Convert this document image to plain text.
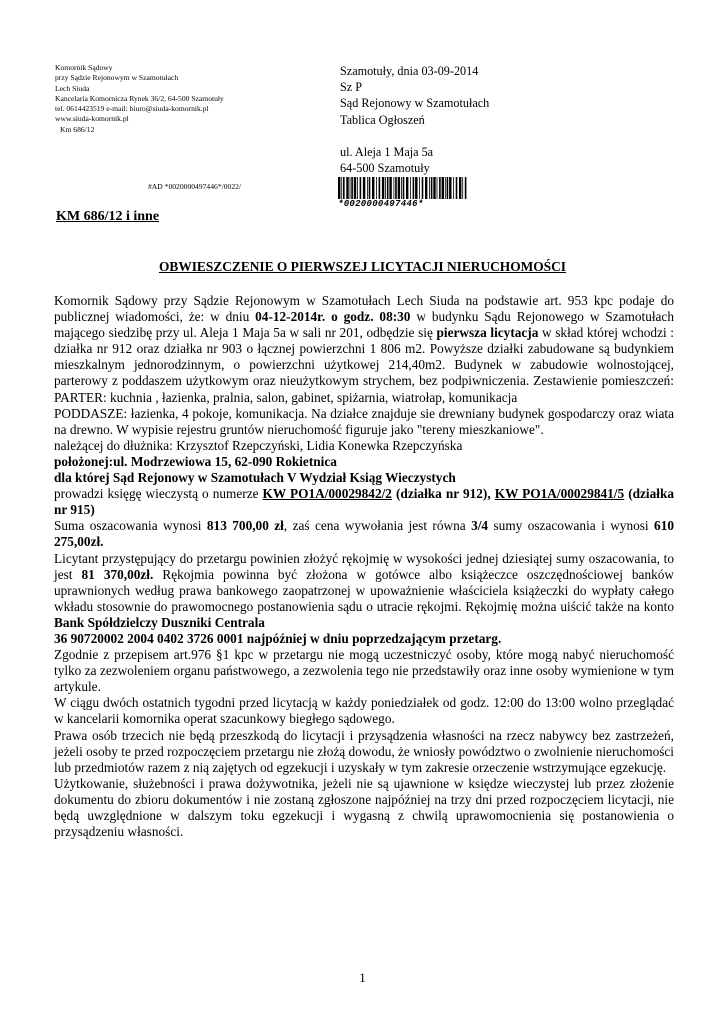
Komornik Sądowy
przy Sądzie Rejonowym w Szamotułach
Lech Siuda
Kancelaria Komornicza Rynek 36/2, 64-500 Szamotuły
tel. 0614423519 e-mail: biuro@siuda-komornik.pl
www.siuda-komornik.pl
Km 686/12
Szamotuły, dnia 03-09-2014
Sz P
Sąd Rejonowy w Szamotułach
Tablica Ogłoszeń
ul. Aleja 1 Maja 5a
64-500 Szamotuły
#AD *0020000497446*/0022/
*0020000497446*
KM 686/12 i inne
OBWIESZCZENIE O PIERWSZEJ LICYTACJI NIERUCHOMOŚCI

Komornik Sądowy przy Sądzie Rejonowym w Szamotułach Lech Siuda na podstawie art. 953 kpc podaje do publicznej wiadomości, że: w dniu 04-12-2014r. o godz. 08:30 w budynku Sądu Rejonowego w Szamotułach mającego siedzibę przy ul. Aleja 1 Maja 5a w sali nr 201, odbędzie się pierwsza licytacja w skład której wchodzi : działka nr 912 oraz działka nr 903 o łącznej powierzchni 1 806 m2. Powyższe działki zabudowane są budynkiem mieszkalnym jednorodzinnym, o powierzchni użytkowej 214,40m2. Budynek w zabudowie wolnostojącej, parterowy z poddaszem użytkowym oraz nieużytkowym strychem, bez podpiwniczenia. Zestawienie pomieszczeń: PARTER: kuchnia , łazienka, pralnia, salon, gabinet, spiżarnia, wiatrołap, komunikacja

PODDASZE: łazienka, 4 pokoje, komunikacja. Na działce znajduje sie drewniany budynek gospodarczy oraz wiata na drewno. W wypisie rejestru gruntów nieruchomość figuruje jako "tereny mieszkaniowe".

należącej do dłużnika: Krzysztof Rzepczyński, Lidia Konewka Rzepczyńska

położonej:ul. Modrzewiowa 15, 62-090 Rokietnica

dla której Sąd Rejonowy w Szamotułach V Wydział Ksiąg Wieczystych

prowadzi księgę wieczystą o numerze KW PO1A/00029842/2 (działka nr 912), KW PO1A/00029841/5 (działka nr 915)

Suma oszacowania wynosi 813 700,00 zł, zaś cena wywołania jest równa 3/4 sumy oszacowania i wynosi 610 275,00zł.

Licytant przystępujący do przetargu powinien złożyć rękojmię w wysokości jednej dziesiątej sumy oszacowania, to jest 81 370,00zł. Rękojmia powinna być złożona w gotówce albo książeczce oszczędnościowej banków uprawnionych według prawa bankowego zaopatrzonej w upoważnienie właściciela książeczki do wypłaty całego wkładu stosownie do prawomocnego postanowienia sądu o utracie rękojmi. Rękojmię można uiścić także na konto Bank Spółdzielczy Duszniki Centrala

36 90720002 2004 0402 3726 0001 najpóźniej w dniu poprzedzającym przetarg.

Zgodnie z przepisem art.976 §1 kpc w przetargu nie mogą uczestniczyć osoby, które mogą nabyć nieruchomość tylko za zezwoleniem organu państwowego, a zezwolenia tego nie przedstawiły oraz inne osoby wymienione w tym artykule.

W ciągu dwóch ostatnich tygodni przed licytacją w każdy poniedziałek od godz. 12:00 do 13:00 wolno przeglądać w kancelarii komornika operat szacunkowy biegłego sądowego.

Prawa osób trzecich nie będą przeszkodą do licytacji i przysądzenia własności na rzecz nabywcy bez zastrzeżeń, jeżeli osoby te przed rozpoczęciem przetargu nie złożą dowodu, że wniosły powództwo o zwolnienie nieruchomości lub przedmiotów razem z nią zajętych od egzekucji i uzyskały w tym zakresie orzeczenie wstrzymujące egzekucję.

Użytkowanie, służebności i prawa dożywotnika, jeżeli nie są ujawnione w księdze wieczystej lub przez złożenie dokumentu do zbioru dokumentów i nie zostaną zgłoszone najpóźniej na trzy dni przed rozpoczęciem licytacji, nie będą uwzględnione w dalszym toku egzekucji i wygasną z chwilą uprawomocnienia się postanowienia o przysądzeniu własności.

1
